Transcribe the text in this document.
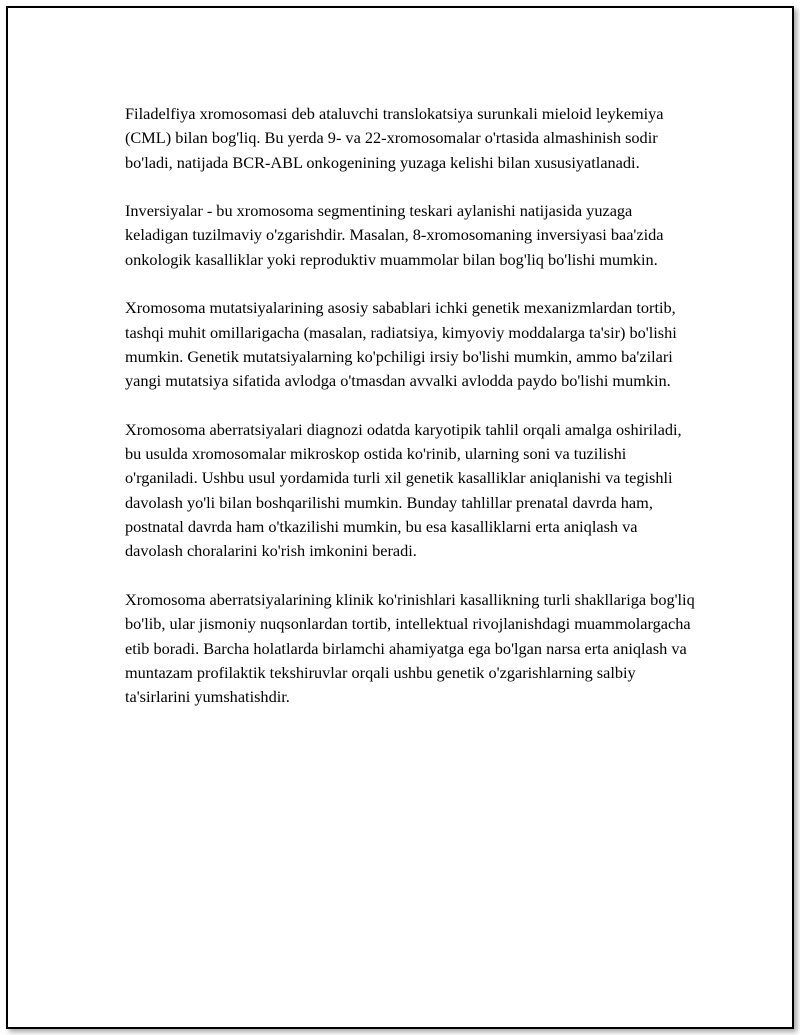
Filadelfiya xromosomasi deb ataluvchi translokatsiya surunkali mieloid leykemiya (CML) bilan bog'liq. Bu yerda 9- va 22-xromosomalar o'rtasida almashinish sodir bo'ladi, natijada BCR-ABL onkogenining yuzaga kelishi bilan xususiyatlanadi.

Inversiyalar - bu xromosoma segmentining teskari aylanishi natijasida yuzaga keladigan tuzilmaviy o'zgarishdir. Masalan, 8-xromosomaning inversiyasi baa'zida onkologik kasalliklar yoki reproduktiv muammolar bilan bog'liq bo'lishi mumkin.

Xromosoma mutatsiyalarining asosiy sabablari ichki genetik mexanizmlardan tortib, tashqi muhit omillarigacha (masalan, radiatsiya, kimyoviy moddalarga ta'sir) bo'lishi mumkin. Genetik mutatsiyalarning ko'pchiligi irsiy bo'lishi mumkin, ammo ba'zilari yangi mutatsiya sifatida avlodga o'tmasdan avvalki avlodda paydo bo'lishi mumkin.

Xromosoma aberratsiyalari diagnozi odatda karyotipik tahlil orqali amalga oshiriladi, bu usulda xromosomalar mikroskop ostida ko'rinib, ularning soni va tuzilishi o'rganiladi. Ushbu usul yordamida turli xil genetik kasalliklar aniqlanishi va tegishli davolash yo'li bilan boshqarilishi mumkin. Bunday tahlillar prenatal davrda ham, postnatal davrda ham o'tkazilishi mumkin, bu esa kasalliklarni erta aniqlash va davolash choralarini ko'rish imkonini beradi.

Xromosoma aberratsiyalarining klinik ko'rinishlari kasallikning turli shakllariga bog'liq bo'lib, ular jismoniy nuqsonlardan tortib, intellektual rivojlanishdagi muammolargacha etib boradi. Barcha holatlarda birlamchi ahamiyatga ega bo'lgan narsa erta aniqlash va muntazam profilaktik tekshiruvlar orqali ushbu genetik o'zgarishlarning salbiy ta'sirlarini yumshatishdir.
